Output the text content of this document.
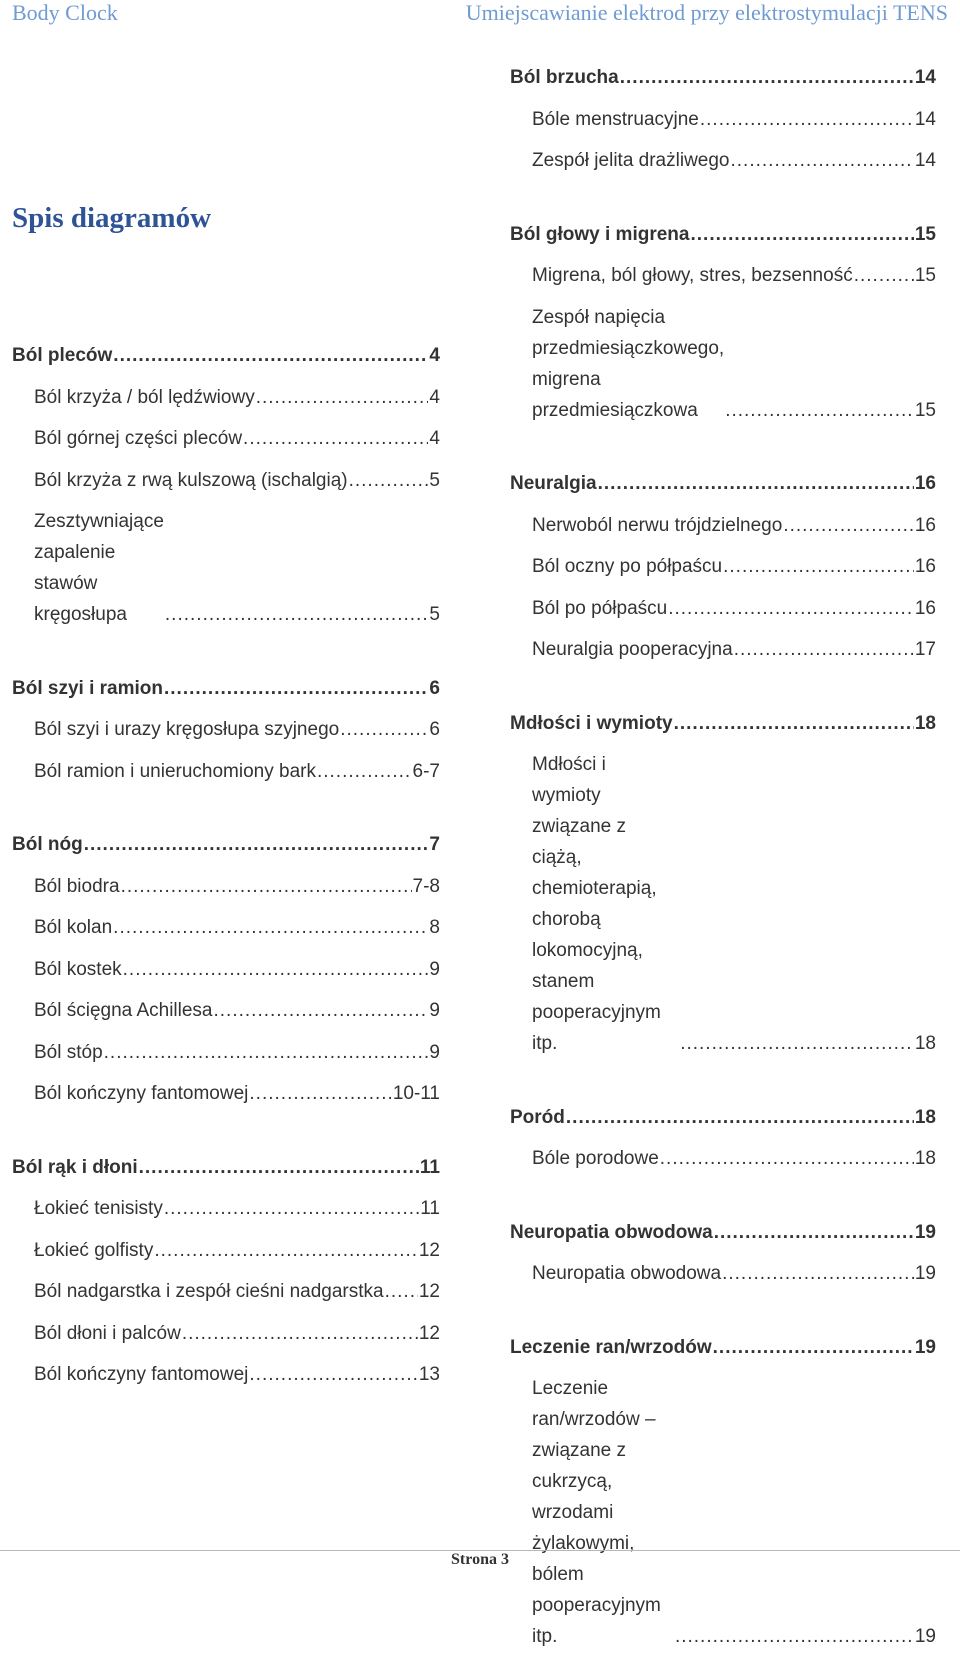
Body Clock	Umiejscawianie elektrod przy elektrostymulacji TENS
Spis diagramów
Ból pleców .....	4
Ból krzyża / ból lędźwiowy .....	4
Ból górnej części pleców .....	4
Ból krzyża z rwą kulszową (ischalgią) .....	5
Zesztywniające zapalenie stawów kręgosłupa .....	5
Ból szyi i ramion .....	6
Ból szyi i urazy kręgosłupa szyjnego .....	6
Ból ramion i unieruchomiony bark .....	6-7
Ból nóg .....	7
Ból biodra .....	7-8
Ból kolan .....	8
Ból kostek .....	9
Ból ścięgna Achillesa .....	9
Ból stóp .....	9
Ból kończyny fantomowej .....	10-11
Ból rąk i dłoni .....	11
Łokieć tenisisty .....	11
Łokieć golfisty .....	12
Ból nadgarstka i zespół cieśni nadgarstka ..... 12
Ból dłoni i palców .....	12
Ból kończyny fantomowej .....	13
Ból brzucha .....	14
Bóle menstruacyjne .....	14
Zespół jelita drażliwego .....	14
Ból głowy i migrena .....	15
Migrena, ból głowy, stres, bezsenność .....	15
Zespół napięcia przedmiesiączkowego, migrena przedmiesiączkowa .....	15
Neuralgia .....	16
Nerwoból nerwu trójdzielnego .....	16
Ból oczny po półpaścu .....	16
Ból po półpaścu .....	16
Neuralgia pooperacyjna .....	17
Mdłości i wymioty .....	18
Mdłości i wymioty związane z ciążą, chemioterapią, chorobą lokomocyjną, stanem pooperacyjnym itp. .....	18
Poród .....	18
Bóle porodowe .....	18
Neuropatia obwodowa .....	19
Neuropatia obwodowa .....	19
Leczenie ran/wrzodów .....	19
Leczenie ran/wrzodów – związane z cukrzycą, wrzodami żylakowymi, bólem pooperacyjnym itp. .....	19
Strona 3
